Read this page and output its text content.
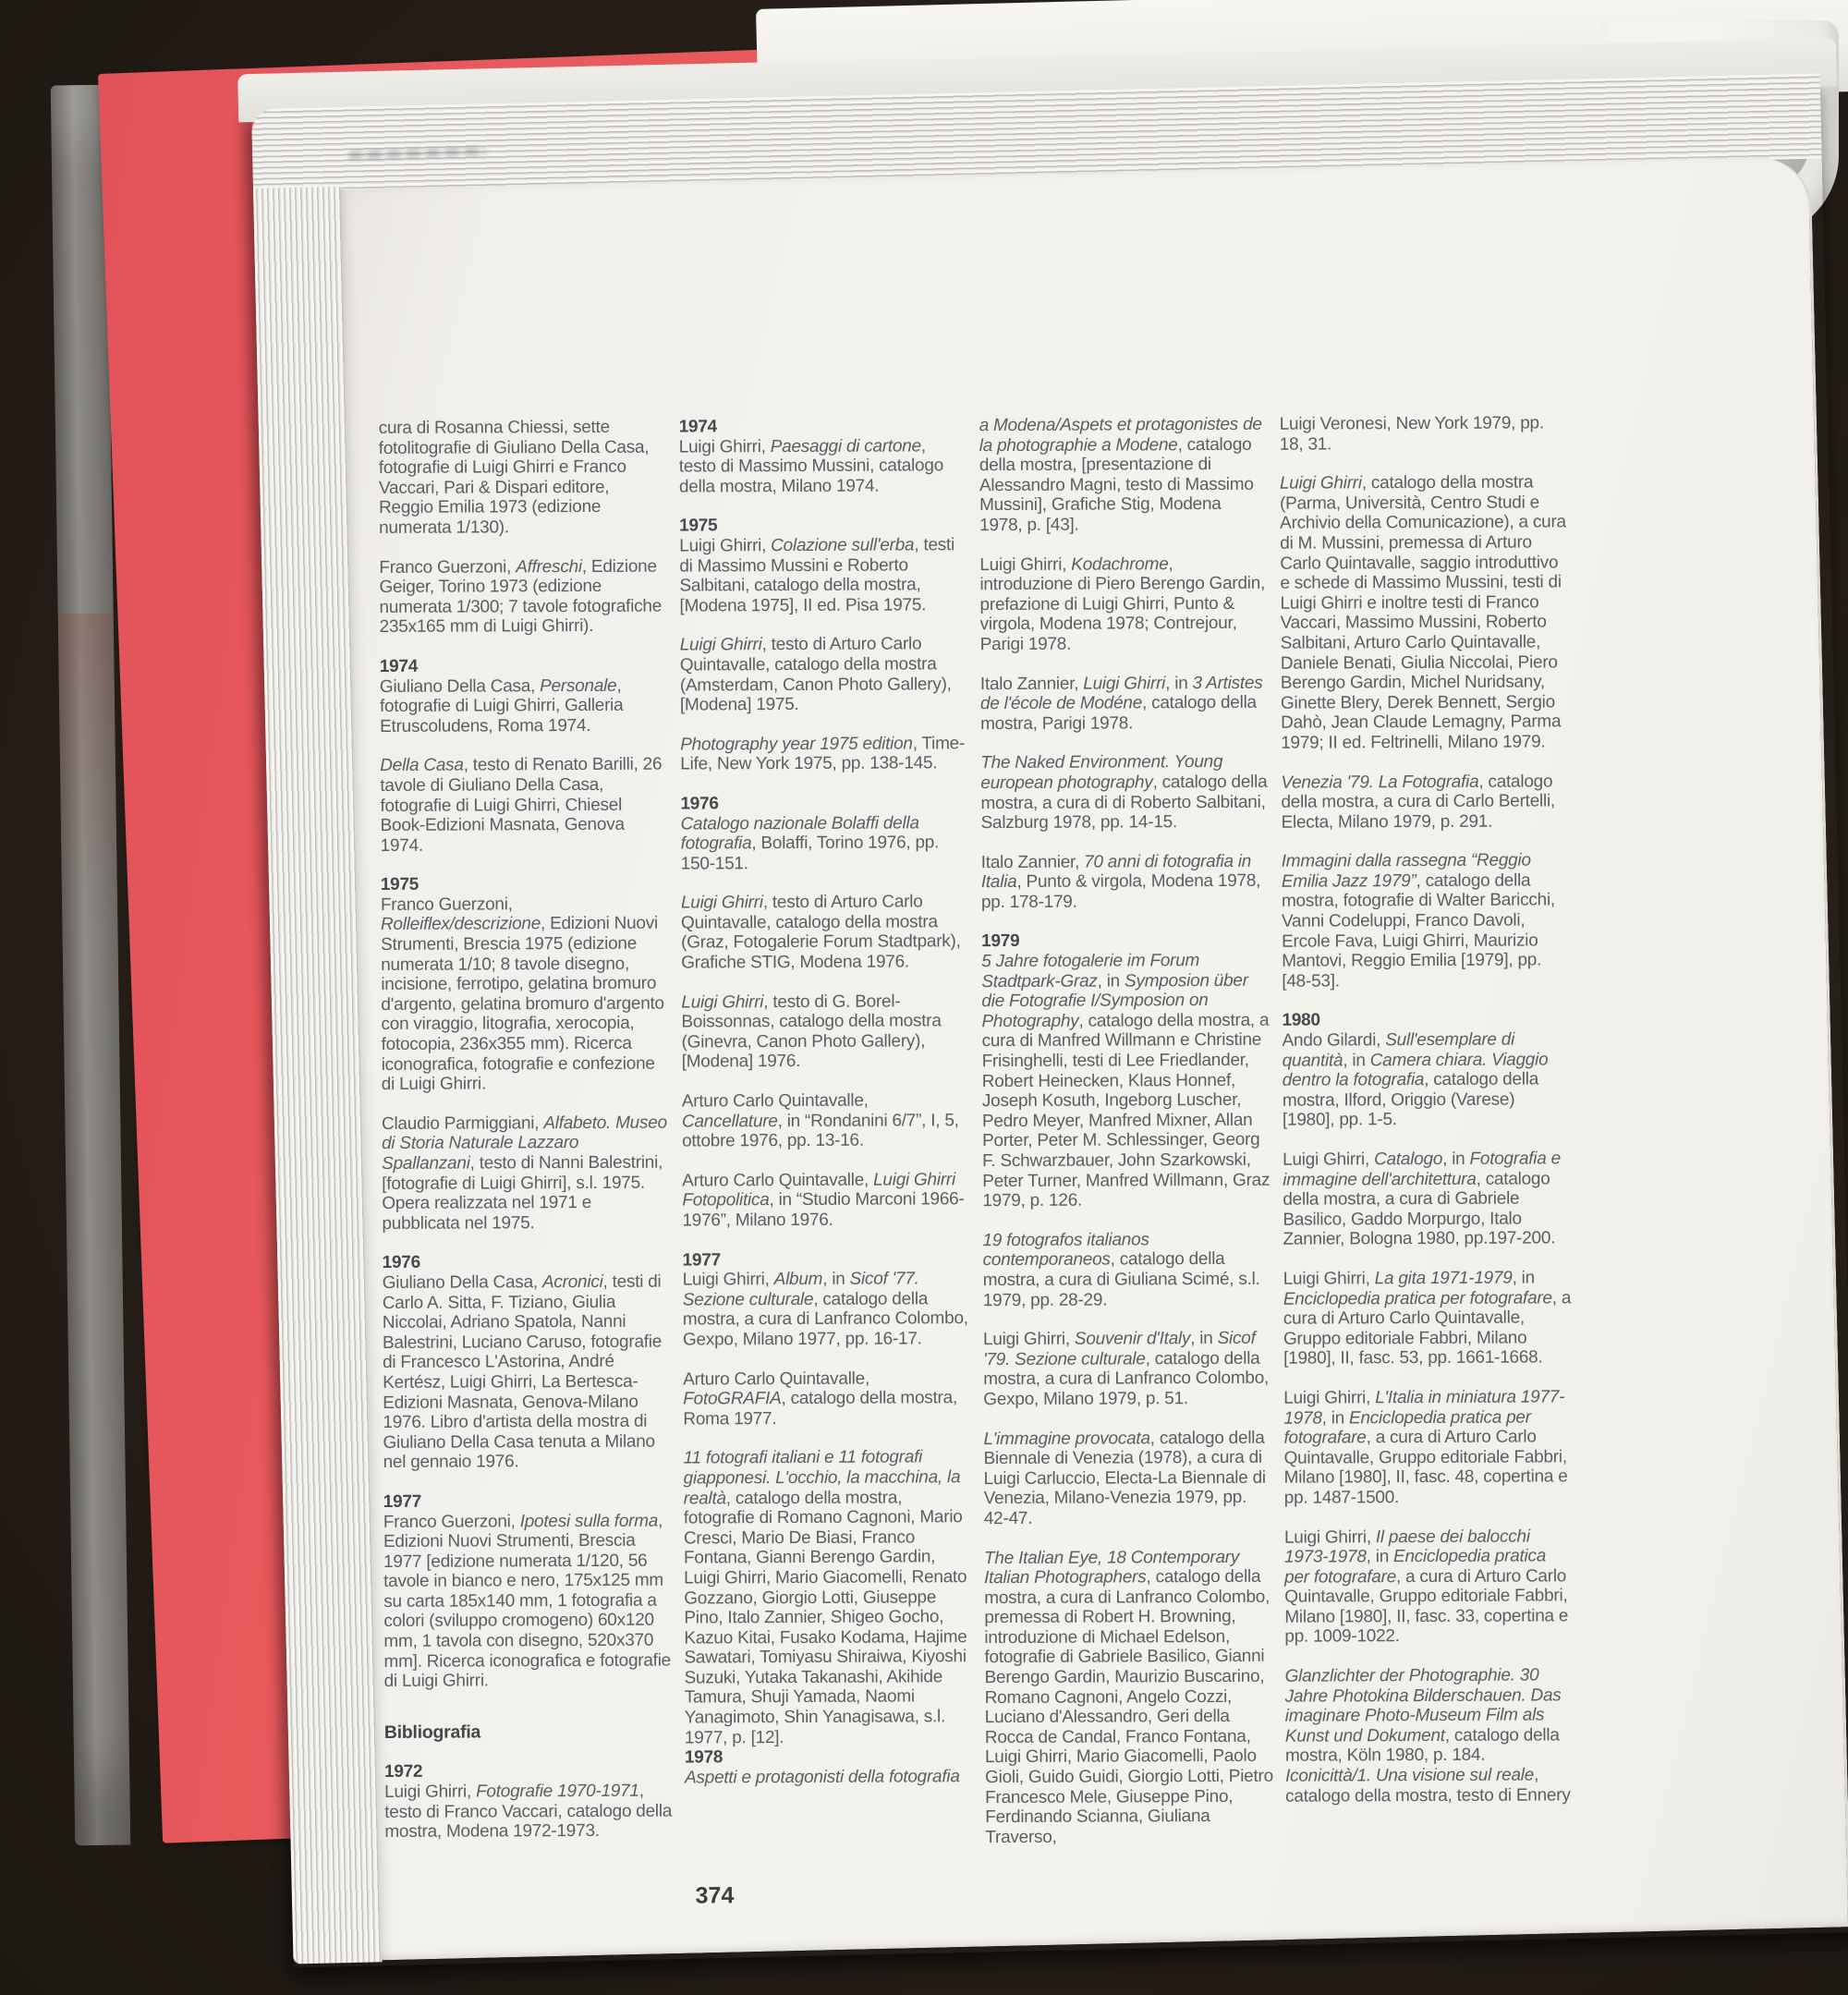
cura di Rosanna Chiessi, sette fotolitografie di Giuliano Della Casa, fotografie di Luigi Ghirri e Franco Vaccari, Pari & Dispari editore, Reggio Emilia 1973 (edizione numerata 1/130).

Franco Guerzoni, Affreschi, Edizione Geiger, Torino 1973 (edizione numerata 1/300; 7 tavole fotografiche 235x165 mm di Luigi Ghirri).

1974

Giuliano Della Casa, Personale, fotografie di Luigi Ghirri, Galleria Etruscoludens, Roma 1974.

Della Casa, testo di Renato Barilli, 26 tavole di Giuliano Della Casa, fotografie di Luigi Ghirri, Chiesel Book-Edizioni Masnata, Genova 1974.

1975

Franco Guerzoni, Rolleiflex/descrizione, Edizioni Nuovi Strumenti, Brescia 1975 (edizione numerata 1/10; 8 tavole disegno, incisione, ferrotipo, gelatina bromuro d'argento, gelatina bromuro d'argento con viraggio, litografia, xerocopia, fotocopia, 236x355 mm). Ricerca iconografica, fotografie e confezione di Luigi Ghirri.

Claudio Parmiggiani, Alfabeto. Museo di Storia Naturale Lazzaro Spallanzani, testo di Nanni Balestrini, [fotografie di Luigi Ghirri], s.l. 1975. Opera realizzata nel 1971 e pubblicata nel 1975.

1976

Giuliano Della Casa, Acronici, testi di Carlo A. Sitta, F. Tiziano, Giulia Niccolai, Adriano Spatola, Nanni Balestrini, Luciano Caruso, fotografie di Francesco L'Astorina, André Kertész, Luigi Ghirri, La Bertesca-Edizioni Masnata, Genova-Milano 1976. Libro d'artista della mostra di Giuliano Della Casa tenuta a Milano nel gennaio 1976.

1977

Franco Guerzoni, Ipotesi sulla forma, Edizioni Nuovi Strumenti, Brescia 1977 [edizione numerata 1/120, 56 tavole in bianco e nero, 175x125 mm su carta 185x140 mm, 1 fotografia a colori (sviluppo cromogeno) 60x120 mm, 1 tavola con disegno, 520x370 mm]. Ricerca iconografica e fotografie di Luigi Ghirri.

Bibliografia
1972

Luigi Ghirri, Fotografie 1970-1971, testo di Franco Vaccari, catalogo della mostra, Modena 1972-1973.

1974

Luigi Ghirri, Paesaggi di cartone, testo di Massimo Mussini, catalogo della mostra, Milano 1974.

1975

Luigi Ghirri, Colazione sull'erba, testi di Massimo Mussini e Roberto Salbitani, catalogo della mostra, [Modena 1975], II ed. Pisa 1975.

Luigi Ghirri, testo di Arturo Carlo Quintavalle, catalogo della mostra (Amsterdam, Canon Photo Gallery), [Modena] 1975.

Photography year 1975 edition, Time-Life, New York 1975, pp. 138-145.

1976

Catalogo nazionale Bolaffi della fotografia, Bolaffi, Torino 1976, pp. 150-151.

Luigi Ghirri, testo di Arturo Carlo Quintavalle, catalogo della mostra (Graz, Fotogalerie Forum Stadtpark), Grafiche STIG, Modena 1976.

Luigi Ghirri, testo di G. Borel-Boissonnas, catalogo della mostra (Ginevra, Canon Photo Gallery), [Modena] 1976.

Arturo Carlo Quintavalle, Cancellature, in “Rondanini 6/7”, I, 5, ottobre 1976, pp. 13-16.

Arturo Carlo Quintavalle, Luigi Ghirri Fotopolitica, in “Studio Marconi 1966-1976”, Milano 1976.

1977

Luigi Ghirri, Album, in Sicof '77. Sezione culturale, catalogo della mostra, a cura di Lanfranco Colombo, Gexpo, Milano 1977, pp. 16-17.

Arturo Carlo Quintavalle, FotoGRAFIA, catalogo della mostra, Roma 1977.

11 fotografi italiani e 11 fotografi giapponesi. L'occhio, la macchina, la realtà, catalogo della mostra, fotografie di Romano Cagnoni, Mario Cresci, Mario De Biasi, Franco Fontana, Gianni Berengo Gardin, Luigi Ghirri, Mario Giacomelli, Renato Gozzano, Giorgio Lotti, Giuseppe Pino, Italo Zannier, Shigeo Gocho, Kazuo Kitai, Fusako Kodama, Hajime Sawatari, Tomiyasu Shiraiwa, Kiyoshi Suzuki, Yutaka Takanashi, Akihide Tamura, Shuji Yamada, Naomi Yanagimoto, Shin Yanagisawa, s.l. 1977, p. [12].

1978

Aspetti e protagonisti della fotografia

a Modena/Aspets et protagonistes de la photographie a Modene, catalogo della mostra, [presentazione di Alessandro Magni, testo di Massimo Mussini], Grafiche Stig, Modena 1978, p. [43].

Luigi Ghirri, Kodachrome, introduzione di Piero Berengo Gardin, prefazione di Luigi Ghirri, Punto & virgola, Modena 1978; Contrejour, Parigi 1978.

Italo Zannier, Luigi Ghirri, in 3 Artistes de l'école de Modéne, catalogo della mostra, Parigi 1978.

The Naked Environment. Young european photography, catalogo della mostra, a cura di di Roberto Salbitani, Salzburg 1978, pp. 14-15.

Italo Zannier, 70 anni di fotografia in Italia, Punto & virgola, Modena 1978, pp. 178-179.

1979

5 Jahre fotogalerie im Forum Stadtpark-Graz, in Symposion über die Fotografie I/Symposion on Photography, catalogo della mostra, a cura di Manfred Willmann e Christine Frisinghelli, testi di Lee Friedlander, Robert Heinecken, Klaus Honnef, Joseph Kosuth, Ingeborg Luscher, Pedro Meyer, Manfred Mixner, Allan Porter, Peter M. Schlessinger, Georg F. Schwarzbauer, John Szarkowski, Peter Turner, Manfred Willmann, Graz 1979, p. 126.

19 fotografos italianos contemporaneos, catalogo della mostra, a cura di Giuliana Scimé, s.l. 1979, pp. 28-29.

Luigi Ghirri, Souvenir d'Italy, in Sicof '79. Sezione culturale, catalogo della mostra, a cura di Lanfranco Colombo, Gexpo, Milano 1979, p. 51.

L'immagine provocata, catalogo della Biennale di Venezia (1978), a cura di Luigi Carluccio, Electa-La Biennale di Venezia, Milano-Venezia 1979, pp. 42-47.

The Italian Eye, 18 Contemporary Italian Photographers, catalogo della mostra, a cura di Lanfranco Colombo, premessa di Robert H. Browning, introduzione di Michael Edelson, fotografie di Gabriele Basilico, Gianni Berengo Gardin, Maurizio Buscarino, Romano Cagnoni, Angelo Cozzi, Luciano d'Alessandro, Geri della Rocca de Candal, Franco Fontana, Luigi Ghirri, Mario Giacomelli, Paolo Gioli, Guido Guidi, Giorgio Lotti, Pietro Francesco Mele, Giuseppe Pino, Ferdinando Scianna, Giuliana Traverso,

Luigi Veronesi, New York 1979, pp. 18, 31.

Luigi Ghirri, catalogo della mostra (Parma, Università, Centro Studi e Archivio della Comunicazione), a cura di M. Mussini, premessa di Arturo Carlo Quintavalle, saggio introduttivo e schede di Massimo Mussini, testi di Luigi Ghirri e inoltre testi di Franco Vaccari, Massimo Mussini, Roberto Salbitani, Arturo Carlo Quintavalle, Daniele Benati, Giulia Niccolai, Piero Berengo Gardin, Michel Nuridsany, Ginette Blery, Derek Bennett, Sergio Dahò, Jean Claude Lemagny, Parma 1979; II ed. Feltrinelli, Milano 1979.

Venezia '79. La Fotografia, catalogo della mostra, a cura di Carlo Bertelli, Electa, Milano 1979, p. 291.

Immagini dalla rassegna “Reggio Emilia Jazz 1979”, catalogo della mostra, fotografie di Walter Baricchi, Vanni Codeluppi, Franco Davoli, Ercole Fava, Luigi Ghirri, Maurizio Mantovi, Reggio Emilia [1979], pp. [48-53].

1980

Ando Gilardi, Sull'esemplare di quantità, in Camera chiara. Viaggio dentro la fotografia, catalogo della mostra, Ilford, Origgio (Varese) [1980], pp. 1-5.

Luigi Ghirri, Catalogo, in Fotografia e immagine dell'architettura, catalogo della mostra, a cura di Gabriele Basilico, Gaddo Morpurgo, Italo Zannier, Bologna 1980, pp.197-200.

Luigi Ghirri, La gita 1971-1979, in Enciclopedia pratica per fotografare, a cura di Arturo Carlo Quintavalle, Gruppo editoriale Fabbri, Milano [1980], II, fasc. 53, pp. 1661-1668.

Luigi Ghirri, L'Italia in miniatura 1977-1978, in Enciclopedia pratica per fotografare, a cura di Arturo Carlo Quintavalle, Gruppo editoriale Fabbri, Milano [1980], II, fasc. 48, copertina e pp. 1487-1500.

Luigi Ghirri, Il paese dei balocchi 1973-1978, in Enciclopedia pratica per fotografare, a cura di Arturo Carlo Quintavalle, Gruppo editoriale Fabbri, Milano [1980], II, fasc. 33, copertina e pp. 1009-1022.

Glanzlichter der Photographie. 30 Jahre Photokina Bilderschauen. Das imaginare Photo-Museum Film als Kunst und Dokument, catalogo della mostra, Köln 1980, p. 184.

Iconicittà/1. Una visione sul reale, catalogo della mostra, testo di Ennery

374
